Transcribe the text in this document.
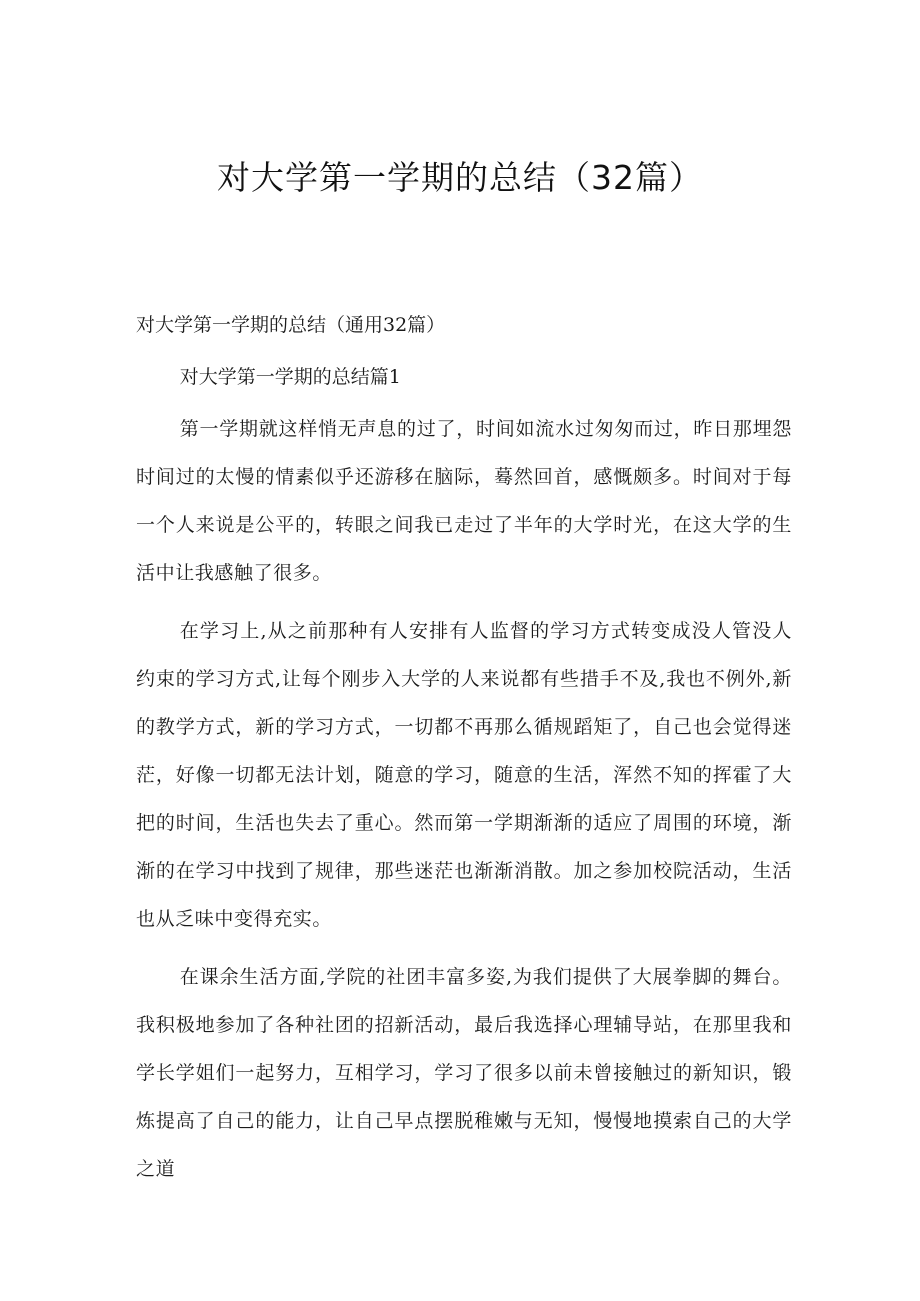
对大学第一学期的总结（32篇）

对大学第一学期的总结（通用32篇）

对大学第一学期的总结篇1

第一学期就这样悄无声息的过了，时间如流水过匆匆而过，昨日那埋怨时间过的太慢的情素似乎还游移在脑际，蓦然回首，感慨颇多。时间对于每一个人来说是公平的，转眼之间我已走过了半年的大学时光，在这大学的生活中让我感触了很多。

在学习上,从之前那种有人安排有人监督的学习方式转变成没人管没人约束的学习方式,让每个刚步入大学的人来说都有些措手不及,我也不例外,新的教学方式，新的学习方式，一切都不再那么循规蹈矩了，自己也会觉得迷茫，好像一切都无法计划，随意的学习，随意的生活，浑然不知的挥霍了大把的时间，生活也失去了重心。然而第一学期渐渐的适应了周围的环境，渐渐的在学习中找到了规律，那些迷茫也渐渐消散。加之参加校院活动，生活也从乏味中变得充实。

在课余生活方面,学院的社团丰富多姿,为我们提供了大展拳脚的舞台。我积极地参加了各种社团的招新活动，最后我选择心理辅导站，在那里我和学长学姐们一起努力，互相学习，学习了很多以前未曾接触过的新知识，锻炼提高了自己的能力，让自己早点摆脱稚嫩与无知，慢慢地摸索自己的大学之道
